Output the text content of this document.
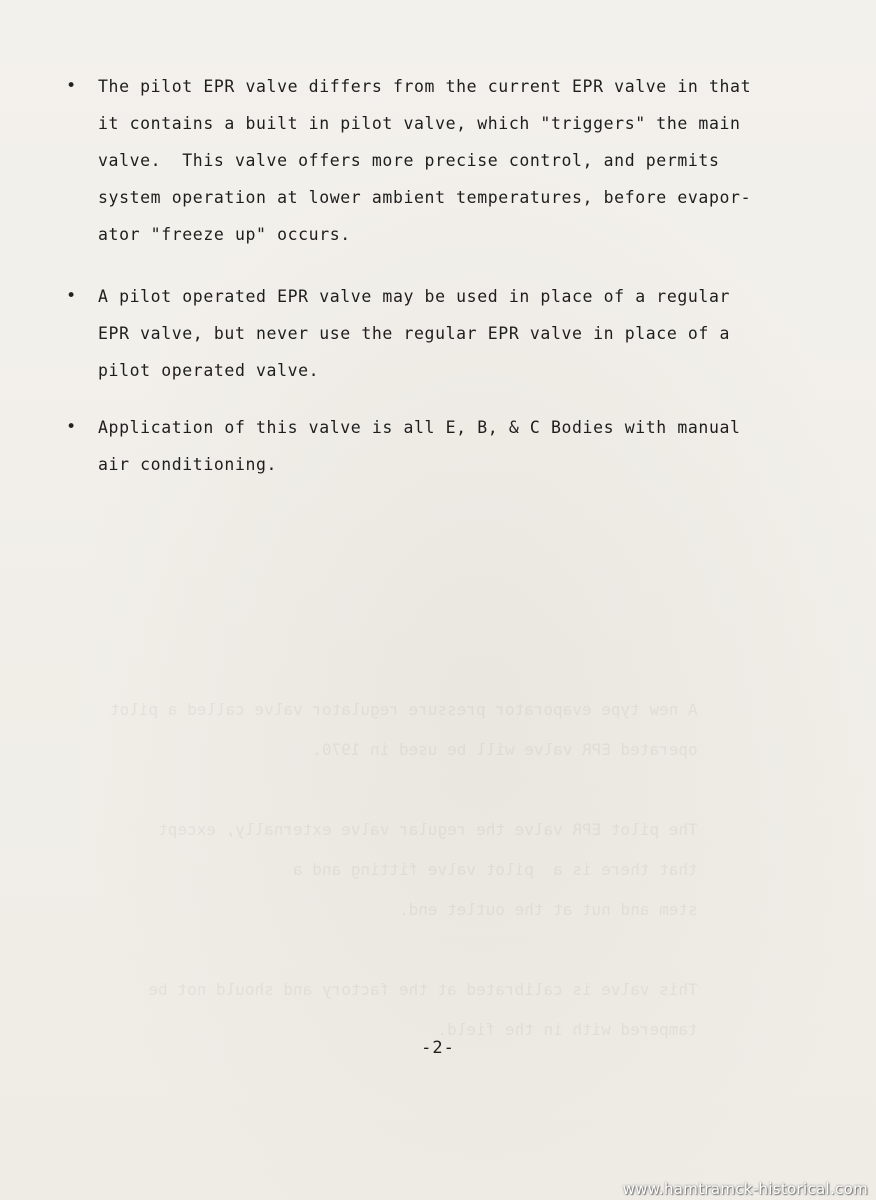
A new type evaporator pressure regulator valve called a pilot
operated EPR valve will be used in 1970.

The pilot EPR valve the regular valve externally, except
that there is a  pilot valve fitting and a
stem and nut at the outlet end.

This valve is calibrated at the factory and should not be
tampered with in the field.
• The pilot EPR valve differs from the current EPR valve in that
it contains a built in pilot valve, which "triggers" the main
valve.  This valve offers more precise control, and permits
system operation at lower ambient temperatures, before evapor-
ator "freeze up" occurs.
• A pilot operated EPR valve may be used in place of a regular
EPR valve, but never use the regular EPR valve in place of a
pilot operated valve.
• Application of this valve is all E, B, & C Bodies with manual
air conditioning.
-2-
www.hamtramck-historical.com
